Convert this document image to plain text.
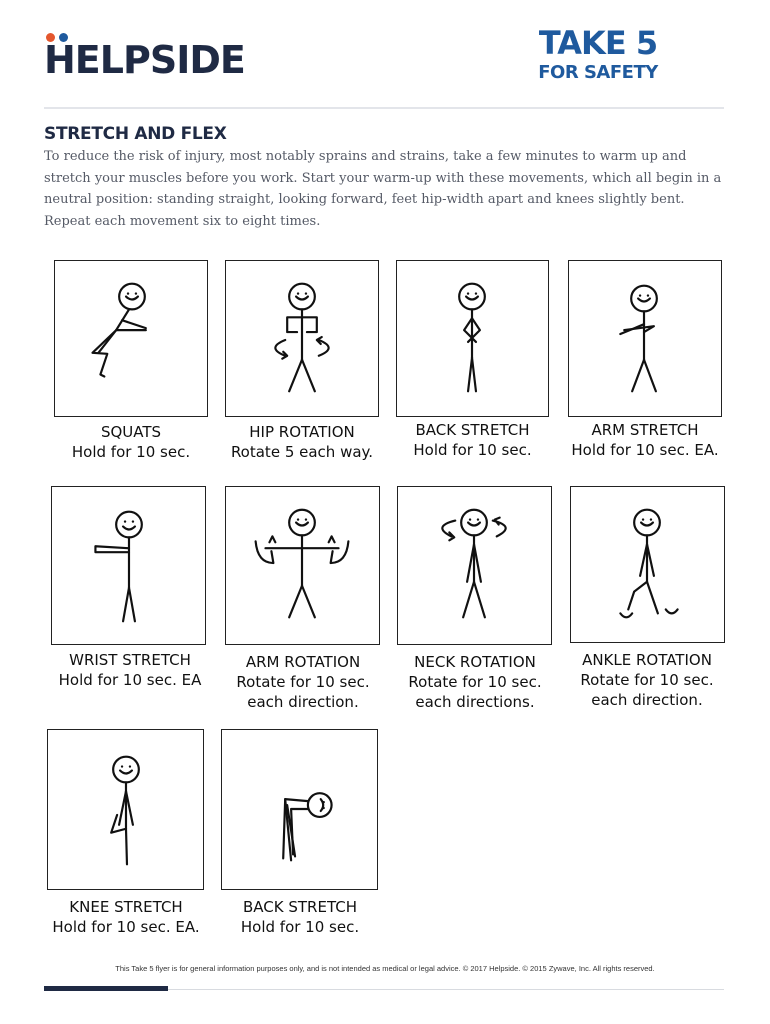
HELPSIDE	TAKE 5
FOR SAFETY
STRETCH AND FLEX
To reduce the risk of injury, most notably sprains and strains, take a few minutes to warm up and stretch your muscles before you work. Start your warm-up with these movements, which all begin in a neutral position: standing straight, looking forward, feet hip-width apart and knees slightly bent. Repeat each movement six to eight times.
SQUATS
Hold for 10 sec.
HIP ROTATION
Rotate 5 each way.
BACK STRETCH
Hold for 10 sec.
ARM STRETCH
Hold for 10 sec. EA.
WRIST STRETCH
Hold for 10 sec. EA
ARM ROTATION
Rotate for 10 sec.
each direction.
NECK ROTATION
Rotate for 10 sec.
each directions.
ANKLE ROTATION
Rotate for 10 sec.
each direction.
KNEE STRETCH
Hold for 10 sec. EA.
BACK STRETCH
Hold for 10 sec.
This Take 5 flyer is for general information purposes only, and is not intended as medical or legal advice. © 2017 Helpside. © 2015 Zywave, Inc. All rights reserved.
